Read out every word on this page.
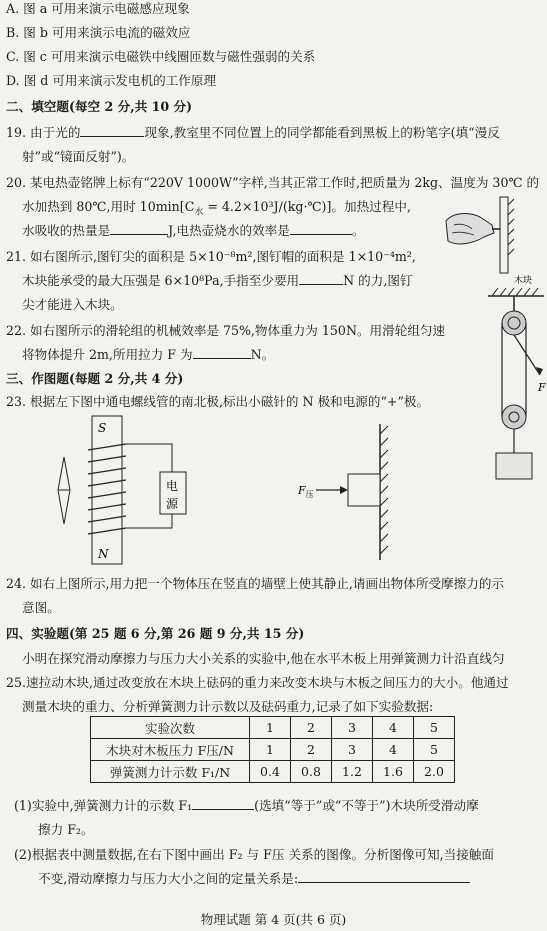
A. 图 a 可用来演示电磁感应现象
B. 图 b 可用来演示电流的磁效应
C. 图 c 可用来演示电磁铁中线圈匝数与磁性强弱的关系
D. 图 d 可用来演示发电机的工作原理
二、填空题(每空 2 分,共 10 分)
19. 由于光的	现象,教室里不同位置上的同学都能看到黑板上的粉笔字(填“漫反
射”或“镜面反射”)。
20. 某电热壶铭牌上标有“220V 1000W”字样,当其正常工作时,把质量为 2kg、温度为 30℃ 的
水加热到 80℃,用时 $10\min[C_水$ = 4.2×10³J/(kg·℃)]。加热过程中,
水吸收的热量是	J,电热壶烧水的效率是	。
21. 如右图所示,图钉尖的面积是 5×10⁻⁸m²,图钉帽的面积是 1×10⁻⁴m²,
木块能承受的最大压强是 6×10⁸Pa,手指至少要用	N 的力,图钉
尖才能进入木块。
22. 如右图所示的滑轮组的机械效率是 75%,物体重力为 150N。用滑轮组匀速
将物体提升 2m,所用拉力 F 为	N。
三、作图题(每题 2 分,共 4 分)
23. 根据左下图中通电螺线管的南北极,标出小磁针的 N 极和电源的“+”极。
木块
F
S
N
电
源
$F_压$
24. 如右上图所示,用力把一个物体压在竖直的墙壁上使其静止,请画出物体所受摩擦力的示
意图。
四、实验题(第 25 题 6 分,第 26 题 9 分,共 15 分)
小明在探究滑动摩擦力与压力大小关系的实验中,他在水平木板上用弹簧测力计沿直线匀
25.速拉动木块,通过改变放在木块上砝码的重力来改变木块与木板之间压力的大小。他通过
测量木块的重力、分析弹簧测力计示数以及砝码重力,记录了如下实验数据:
实验次数	1	2	3	4	5
木块对木板压力 F压/N	1	2	3	4	5
弹簧测力计示数 F₁/N	0.4	0.8	1.2	1.6	2.0
(1)实验中,弹簧测力计的示数 F₁	(选填“等于”或“不等于”)木块所受滑动摩
擦力 F₂。
(2)根据表中测量数据,在右下图中画出 F₂ 与 F压 关系的图像。分析图像可知,当接触面
不变,滑动摩擦力与压力大小之间的定量关系是:
物理试题 第 4 页(共 6 页)
